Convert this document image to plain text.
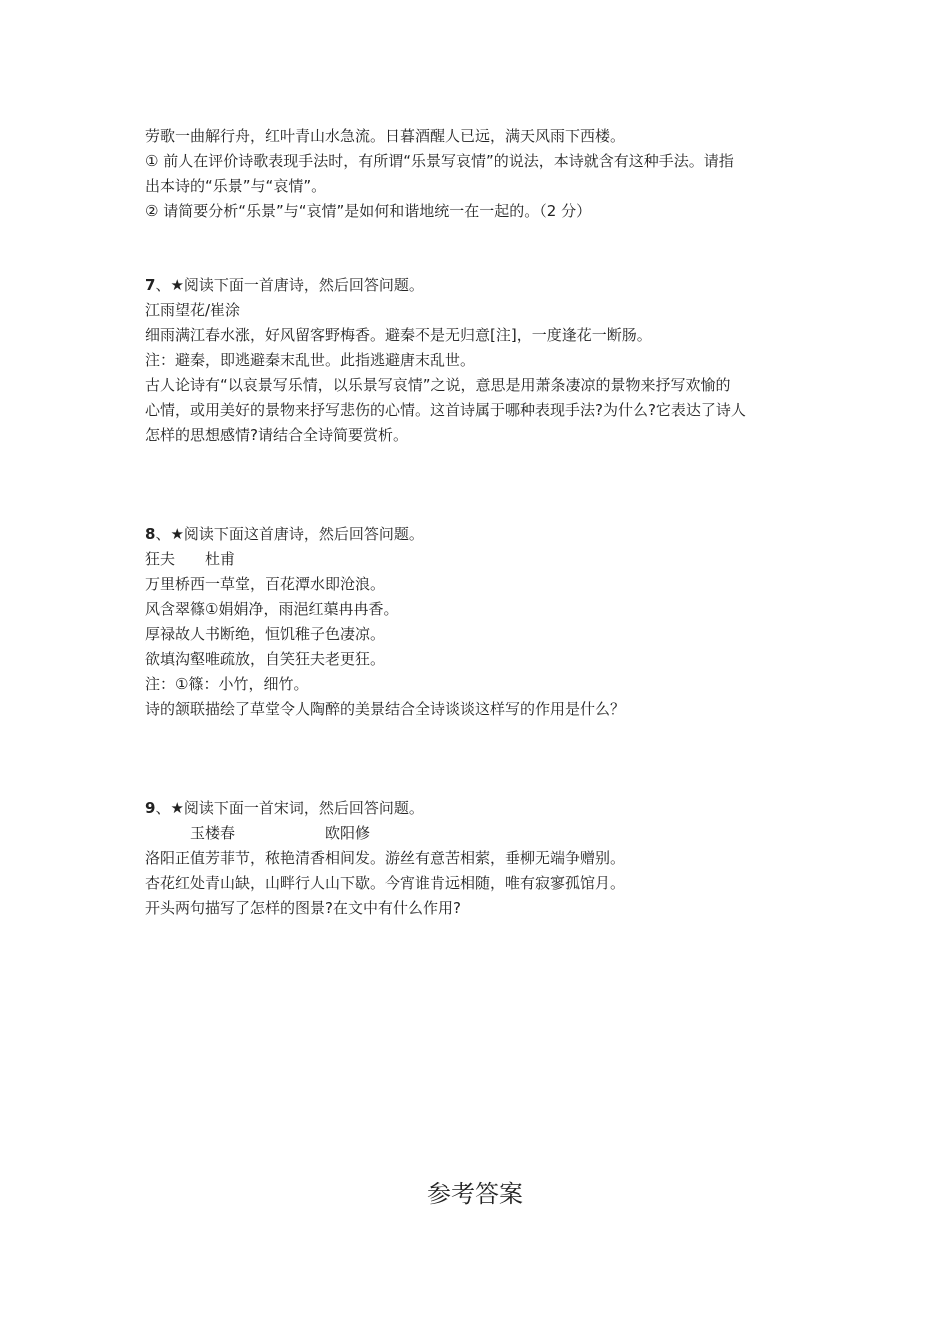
劳歌一曲解行舟，红叶青山水急流。日暮酒醒人已远，满天风雨下西楼。
① 前人在评价诗歌表现手法时，有所谓“乐景写哀情”的说法，本诗就含有这种手法。请指
出本诗的“乐景”与“哀情”。
② 请简要分析“乐景”与“哀情”是如何和谐地统一在一起的。（2 分）
7、★阅读下面一首唐诗，然后回答问题。
江雨望花/崔涂
细雨满江春水涨，好风留客野梅香。避秦不是无归意[注]，一度逢花一断肠。
注：避秦，即逃避秦末乱世。此指逃避唐末乱世。
古人论诗有“以哀景写乐情，以乐景写哀情”之说，意思是用萧条凄凉的景物来抒写欢愉的
心情，或用美好的景物来抒写悲伤的心情。这首诗属于哪种表现手法?为什么?它表达了诗人
怎样的思想感情?请结合全诗简要赏析。
8、★阅读下面这首唐诗，然后回答问题。
狂夫　　杜甫
万里桥西一草堂，百花潭水即沧浪。
风含翠篠①娟娟净，雨浥红蕖冉冉香。
厚禄故人书断绝，恒饥稚子色凄凉。
欲填沟壑唯疏放，自笑狂夫老更狂。
注：①篠：小竹，细竹。
诗的颔联描绘了草堂令人陶醉的美景结合全诗谈谈这样写的作用是什么？
9、★阅读下面一首宋词，然后回答问题。
　　　玉楼春　　　　　　欧阳修
洛阳正值芳菲节，秾艳清香相间发。游丝有意苦相萦，垂柳无端争赠别。
杏花红处青山缺，山畔行人山下歇。今宵谁肯远相随，唯有寂寥孤馆月。
开头两句描写了怎样的图景?在文中有什么作用?
参考答案
